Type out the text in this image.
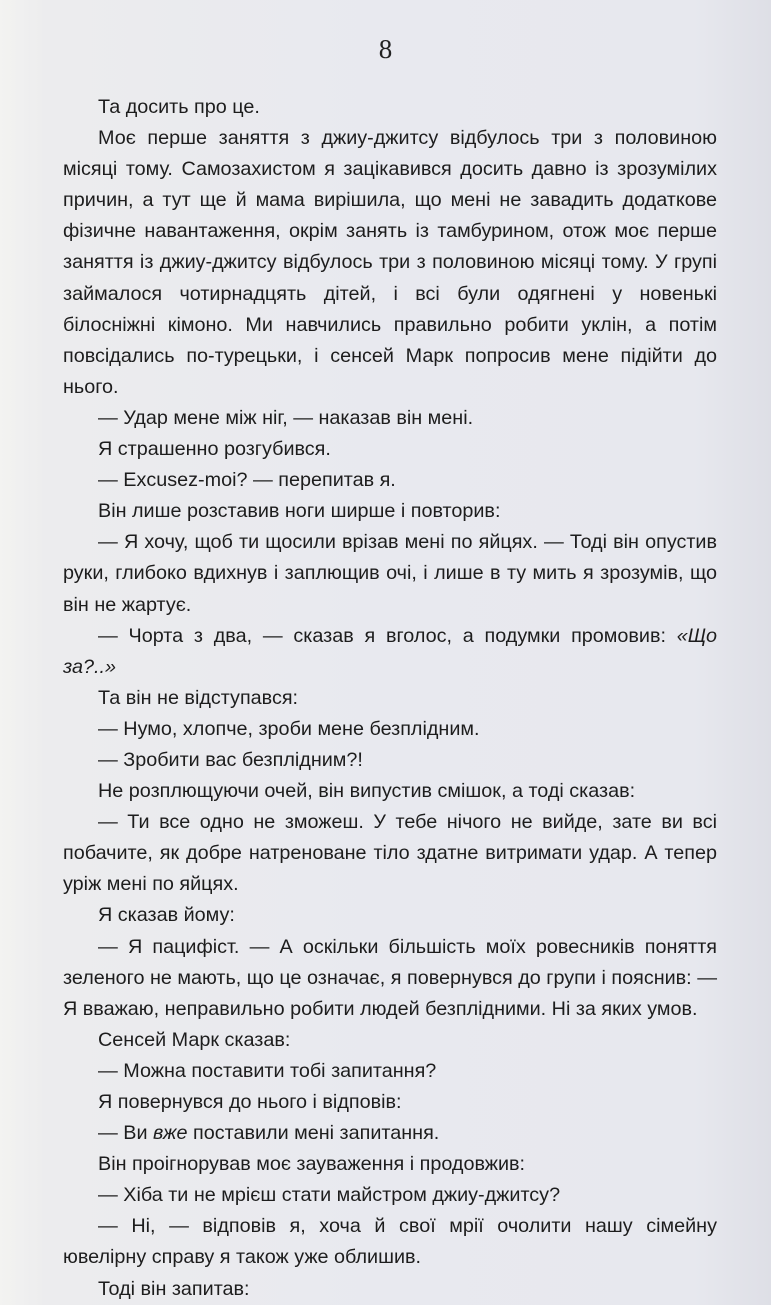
8

Та досить про це.

Моє перше заняття з джиу-джитсу відбулось три з половиною місяці тому. Самозахистом я зацікавився досить давно із зрозумілих причин, а тут ще й мама вирішила, що мені не завадить додаткове фізичне навантаження, окрім занять із тамбурином, отож моє перше заняття із джиу-джитсу відбулось три з половиною місяці тому. У групі займалося чотирнадцять дітей, і всі були одягнені у новенькі білосніжні кімоно. Ми навчились правильно робити уклін, а потім повсідались по-турецьки, і сенсей Марк попросив мене підійти до нього.

— Удар мене між ніг, — наказав він мені.

Я страшенно розгубився.

— Excusez-moi? — перепитав я.

Він лише розставив ноги ширше і повторив:

— Я хочу, щоб ти щосили врізав мені по яйцях. — Тоді він опустив руки, глибоко вдихнув і заплющив очі, і лише в ту мить я зрозумів, що він не жартує.

— Чорта з два, — сказав я вголос, а подумки промовив: «Що за?..»

Та він не відступався:

— Нумо, хлопче, зроби мене безплідним.

— Зробити вас безплідним?!

Не розплющуючи очей, він випустив смішок, а тоді сказав:

— Ти все одно не зможеш. У тебе нічого не вийде, зате ви всі побачите, як добре натреноване тіло здатне витримати удар. А тепер уріж мені по яйцях.

Я сказав йому:

— Я пацифіст. — А оскільки більшість моїх ровесників поняття зеленого не мають, що це означає, я повернувся до групи і пояснив: — Я вважаю, неправильно робити людей безплідними. Ні за яких умов.

Сенсей Марк сказав:

— Можна поставити тобі запитання?

Я повернувся до нього і відповів:

— Ви вже поставили мені запитання.

Він проігнорував моє зауваження і продовжив:

— Хіба ти не мрієш стати майстром джиу-джитсу?

— Ні, — відповів я, хоча й свої мрії очолити нашу сімейну ювелірну справу я також уже облишив.

Тоді він запитав:
